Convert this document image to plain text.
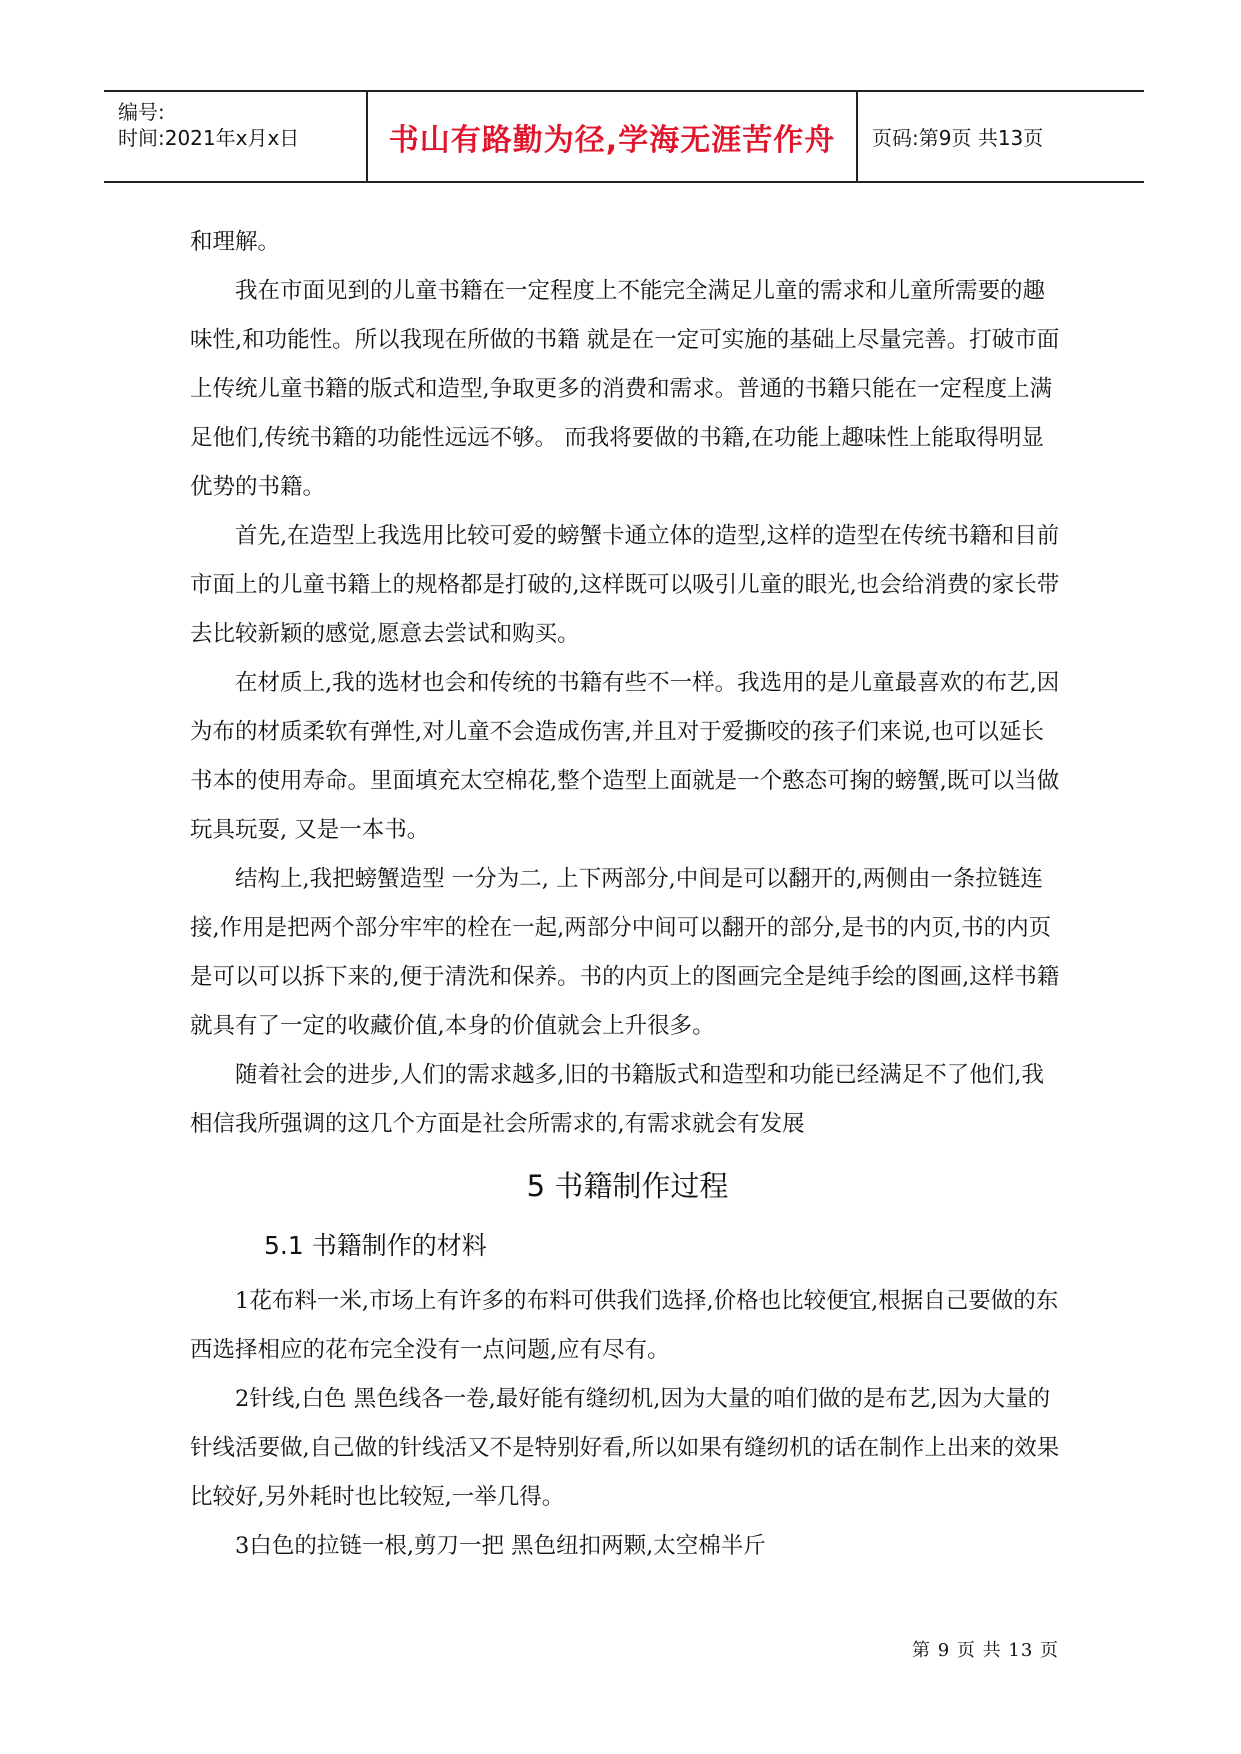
编号:
时间:2021年x月x日	书山有路勤为径,学海无涯苦作舟 页码:第9页 共13页

和理解。

我在市面见到的儿童书籍在一定程度上不能完全满足儿童的需求和儿童所需要的趣味性,和功能性。所以我现在所做的书籍 就是在一定可实施的基础上尽量完善。打破市面上传统儿童书籍的版式和造型,争取更多的消费和需求。普通的书籍只能在一定程度上满足他们,传统书籍的功能性远远不够。 而我将要做的书籍,在功能上趣味性上能取得明显优势的书籍。

首先,在造型上我选用比较可爱的螃蟹卡通立体的造型,这样的造型在传统书籍和目前市面上的儿童书籍上的规格都是打破的,这样既可以吸引儿童的眼光,也会给消费的家长带去比较新颖的感觉,愿意去尝试和购买。

在材质上,我的选材也会和传统的书籍有些不一样。我选用的是儿童最喜欢的布艺,因为布的材质柔软有弹性,对儿童不会造成伤害,并且对于爱撕咬的孩子们来说,也可以延长书本的使用寿命。里面填充太空棉花,整个造型上面就是一个憨态可掬的螃蟹,既可以当做玩具玩耍, 又是一本书。

结构上,我把螃蟹造型 一分为二, 上下两部分,中间是可以翻开的,两侧由一条拉链连接,作用是把两个部分牢牢的栓在一起,两部分中间可以翻开的部分,是书的内页,书的内页是可以可以拆下来的,便于清洗和保养。书的内页上的图画完全是纯手绘的图画,这样书籍就具有了一定的收藏价值,本身的价值就会上升很多。

随着社会的进步,人们的需求越多,旧的书籍版式和造型和功能已经满足不了他们,我相信我所强调的这几个方面是社会所需求的,有需求就会有发展

5 书籍制作过程
5.1 书籍制作的材料

1花布料一米,市场上有许多的布料可供我们选择,价格也比较便宜,根据自己要做的东西选择相应的花布完全没有一点问题,应有尽有。

2针线,白色 黑色线各一卷,最好能有缝纫机,因为大量的咱们做的是布艺,因为大量的针线活要做,自己做的针线活又不是特别好看,所以如果有缝纫机的话在制作上出来的效果比较好,另外耗时也比较短,一举几得。

3白色的拉链一根,剪刀一把 黑色纽扣两颗,太空棉半斤

第 9 页 共 13 页
